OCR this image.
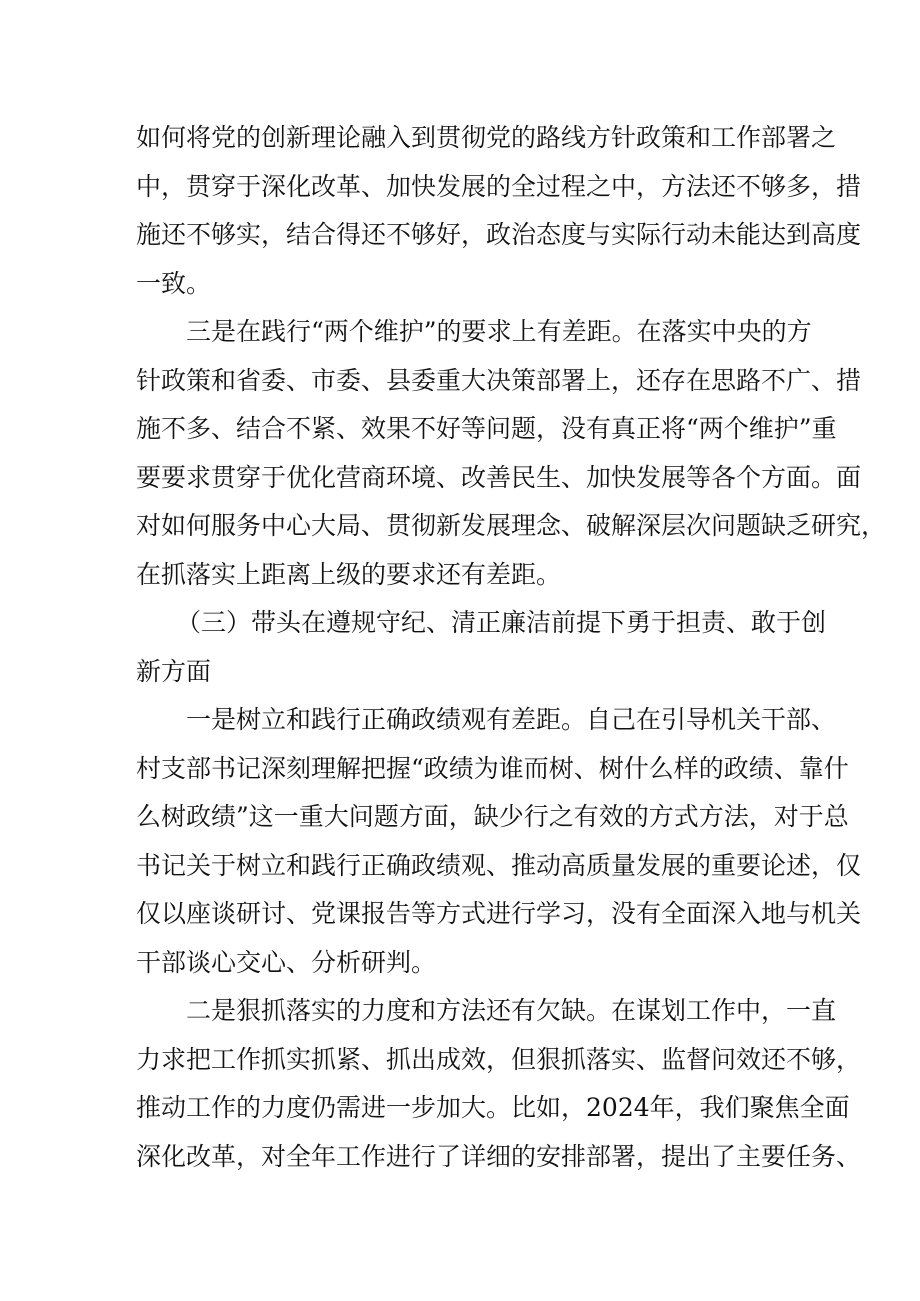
如何将党的创新理论融入到贯彻党的路线方针政策和工作部署之
中，贯穿于深化改革、加快发展的全过程之中，方法还不够多，措
施还不够实，结合得还不够好，政治态度与实际行动未能达到高度
一致。
三是在践行“两个维护”的要求上有差距。在落实中央的方
针政策和省委、市委、县委重大决策部署上，还存在思路不广、措
施不多、结合不紧、效果不好等问题，没有真正将“两个维护”重
要要求贯穿于优化营商环境、改善民生、加快发展等各个方面。面
对如何服务中心大局、贯彻新发展理念、破解深层次问题缺乏研究，
在抓落实上距离上级的要求还有差距。
（三）带头在遵规守纪、清正廉洁前提下勇于担责、敢于创
新方面
一是树立和践行正确政绩观有差距。自己在引导机关干部、
村支部书记深刻理解把握“政绩为谁而树、树什么样的政绩、靠什
么树政绩”这一重大问题方面，缺少行之有效的方式方法，对于总
书记关于树立和践行正确政绩观、推动高质量发展的重要论述，仅
仅以座谈研讨、党课报告等方式进行学习，没有全面深入地与机关
干部谈心交心、分析研判。
二是狠抓落实的力度和方法还有欠缺。在谋划工作中，一直
力求把工作抓实抓紧、抓出成效，但狠抓落实、监督问效还不够，
推动工作的力度仍需进一步加大。比如，2024年，我们聚焦全面
深化改革，对全年工作进行了详细的安排部署，提出了主要任务、
